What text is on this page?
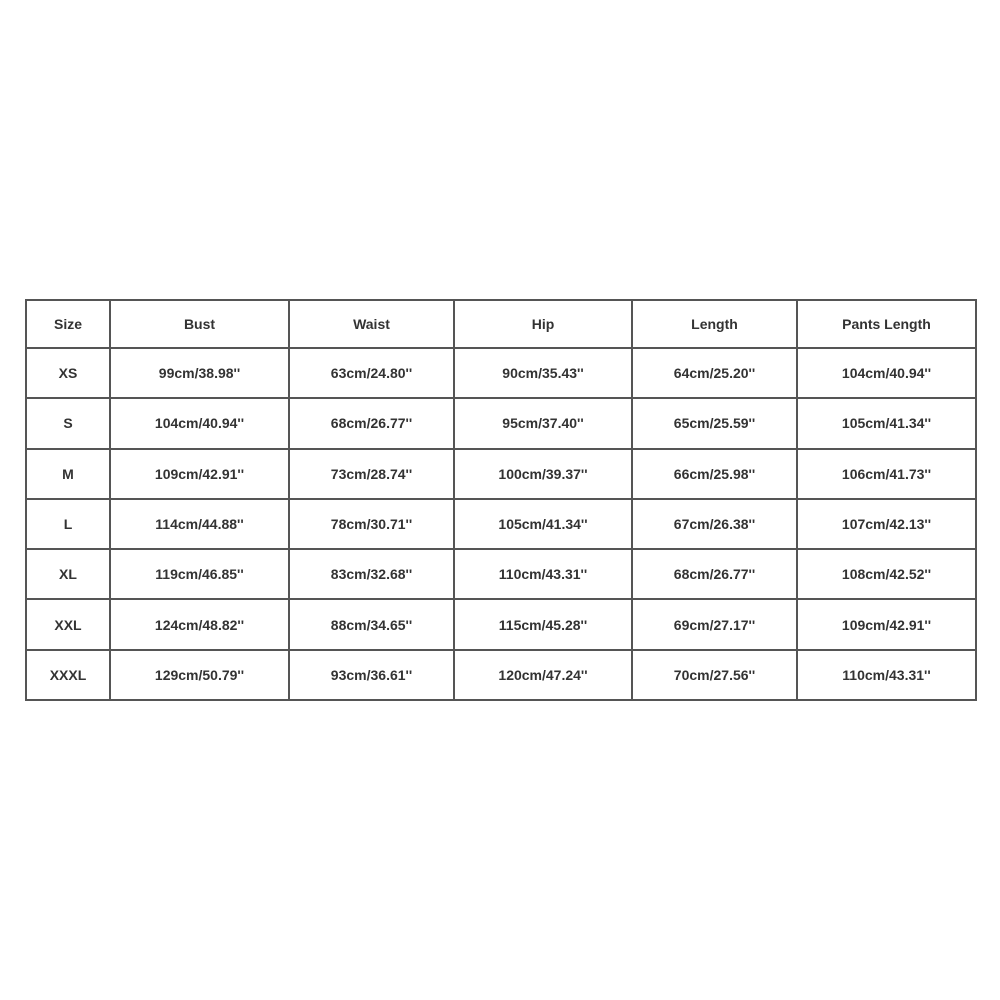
Size	Bust	Waist	Hip	Length	Pants Length
XS	99cm/38.98''	63cm/24.80''	90cm/35.43''	64cm/25.20''	104cm/40.94''
S	104cm/40.94''	68cm/26.77''	95cm/37.40''	65cm/25.59''	105cm/41.34''
M	109cm/42.91''	73cm/28.74''	100cm/39.37''	66cm/25.98''	106cm/41.73''
L	114cm/44.88''	78cm/30.71''	105cm/41.34''	67cm/26.38''	107cm/42.13''
XL	119cm/46.85''	83cm/32.68''	110cm/43.31''	68cm/26.77''	108cm/42.52''
XXL	124cm/48.82''	88cm/34.65''	115cm/45.28''	69cm/27.17''	109cm/42.91''
XXXL	129cm/50.79''	93cm/36.61''	120cm/47.24''	70cm/27.56''	110cm/43.31''
